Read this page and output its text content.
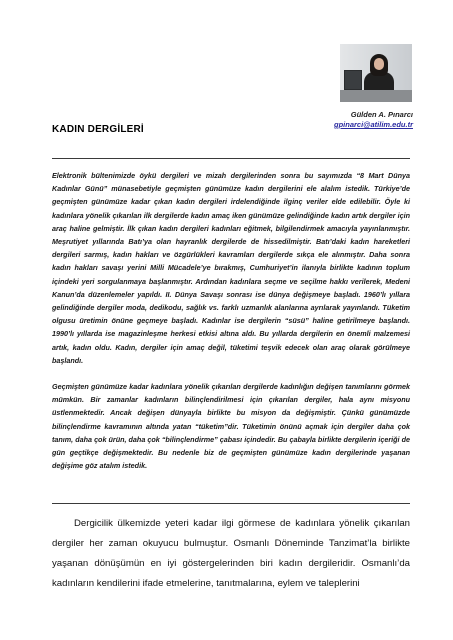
Gülden A. Pınarcı
gpinarci@atilim.edu.tr
KADIN DERGİLERİ

Elektronik bültenimizde öykü dergileri ve mizah dergilerinden sonra bu sayımızda “8 Mart Dünya Kadınlar Günü” münasebetiyle geçmişten günümüze kadın dergilerini ele alalım istedik. Türkiye’de geçmişten günümüze kadar çıkan kadın dergileri irdelendiğinde ilginç veriler elde edilebilir. Öyle ki kadınlara yönelik çıkarılan ilk dergilerde kadın amaç iken günümüze gelindiğinde kadın artık dergiler için araç haline gelmiştir. İlk çıkan kadın dergileri kadınları eğitmek, bilgilendirmek amacıyla yayınlanmıştır. Meşrutiyet yıllarında Batı’ya olan hayranlık dergilerde de hissedilmiştir. Batı’daki kadın hareketleri dergileri sarmış, kadın hakları ve özgürlükleri kavramları dergilerde sıkça ele alınmıştır. Daha sonra kadın hakları savaşı yerini Milli Mücadele’ye bırakmış, Cumhuriyet’in ilanıyla birlikte kadının toplum içindeki yeri sorgulanmaya başlanmıştır. Ardından kadınlara seçme ve seçilme hakkı verilerek, Medeni Kanun’da düzenlemeler yapıldı. II. Dünya Savaşı sonrası ise dünya değişmeye başladı. 1960’lı yıllara gelindiğinde dergiler moda, dedikodu, sağlık vs. farklı uzmanlık alanlarına ayrılarak yayınlandı. Tüketim olgusu üretimin önüne geçmeye başladı. Kadınlar ise dergilerin “süsü” haline getirilmeye başlandı. 1990’lı yıllarda ise magazinleşme herkesi etkisi altına aldı. Bu yıllarda dergilerin en önemli malzemesi artık, kadın oldu. Kadın, dergiler için amaç değil, tüketimi teşvik edecek olan araç olarak görülmeye başlandı.

Geçmişten günümüze kadar kadınlara yönelik çıkarılan dergilerde kadınlığın değişen tanımlarını görmek mümkün. Bir zamanlar kadınların bilinçlendirilmesi için çıkarılan dergiler, hala aynı misyonu üstlenmektedir. Ancak değişen dünyayla birlikte bu misyon da değişmiştir. Çünkü günümüzde bilinçlendirme kavramının altında yatan “tüketim”dir. Tüketimin önünü açmak için dergiler daha çok tanım, daha çok ürün, daha çok “bilinçlendirme” çabası içindedir. Bu çabayla birlikte dergilerin içeriği de gün geçtikçe değişmektedir. Bu nedenle biz de geçmişten günümüze kadın dergilerinde yaşanan değişime göz atalım istedik.

Dergicilik ülkemizde yeteri kadar ilgi görmese de kadınlara yönelik çıkarılan dergiler her zaman okuyucu bulmuştur. Osmanlı Döneminde Tanzimat’la birlikte yaşanan dönüşümün en iyi göstergelerinden biri kadın dergileridir. Osmanlı’da kadınların kendilerini ifade etmelerine, tanıtmalarına, eylem ve taleplerini
